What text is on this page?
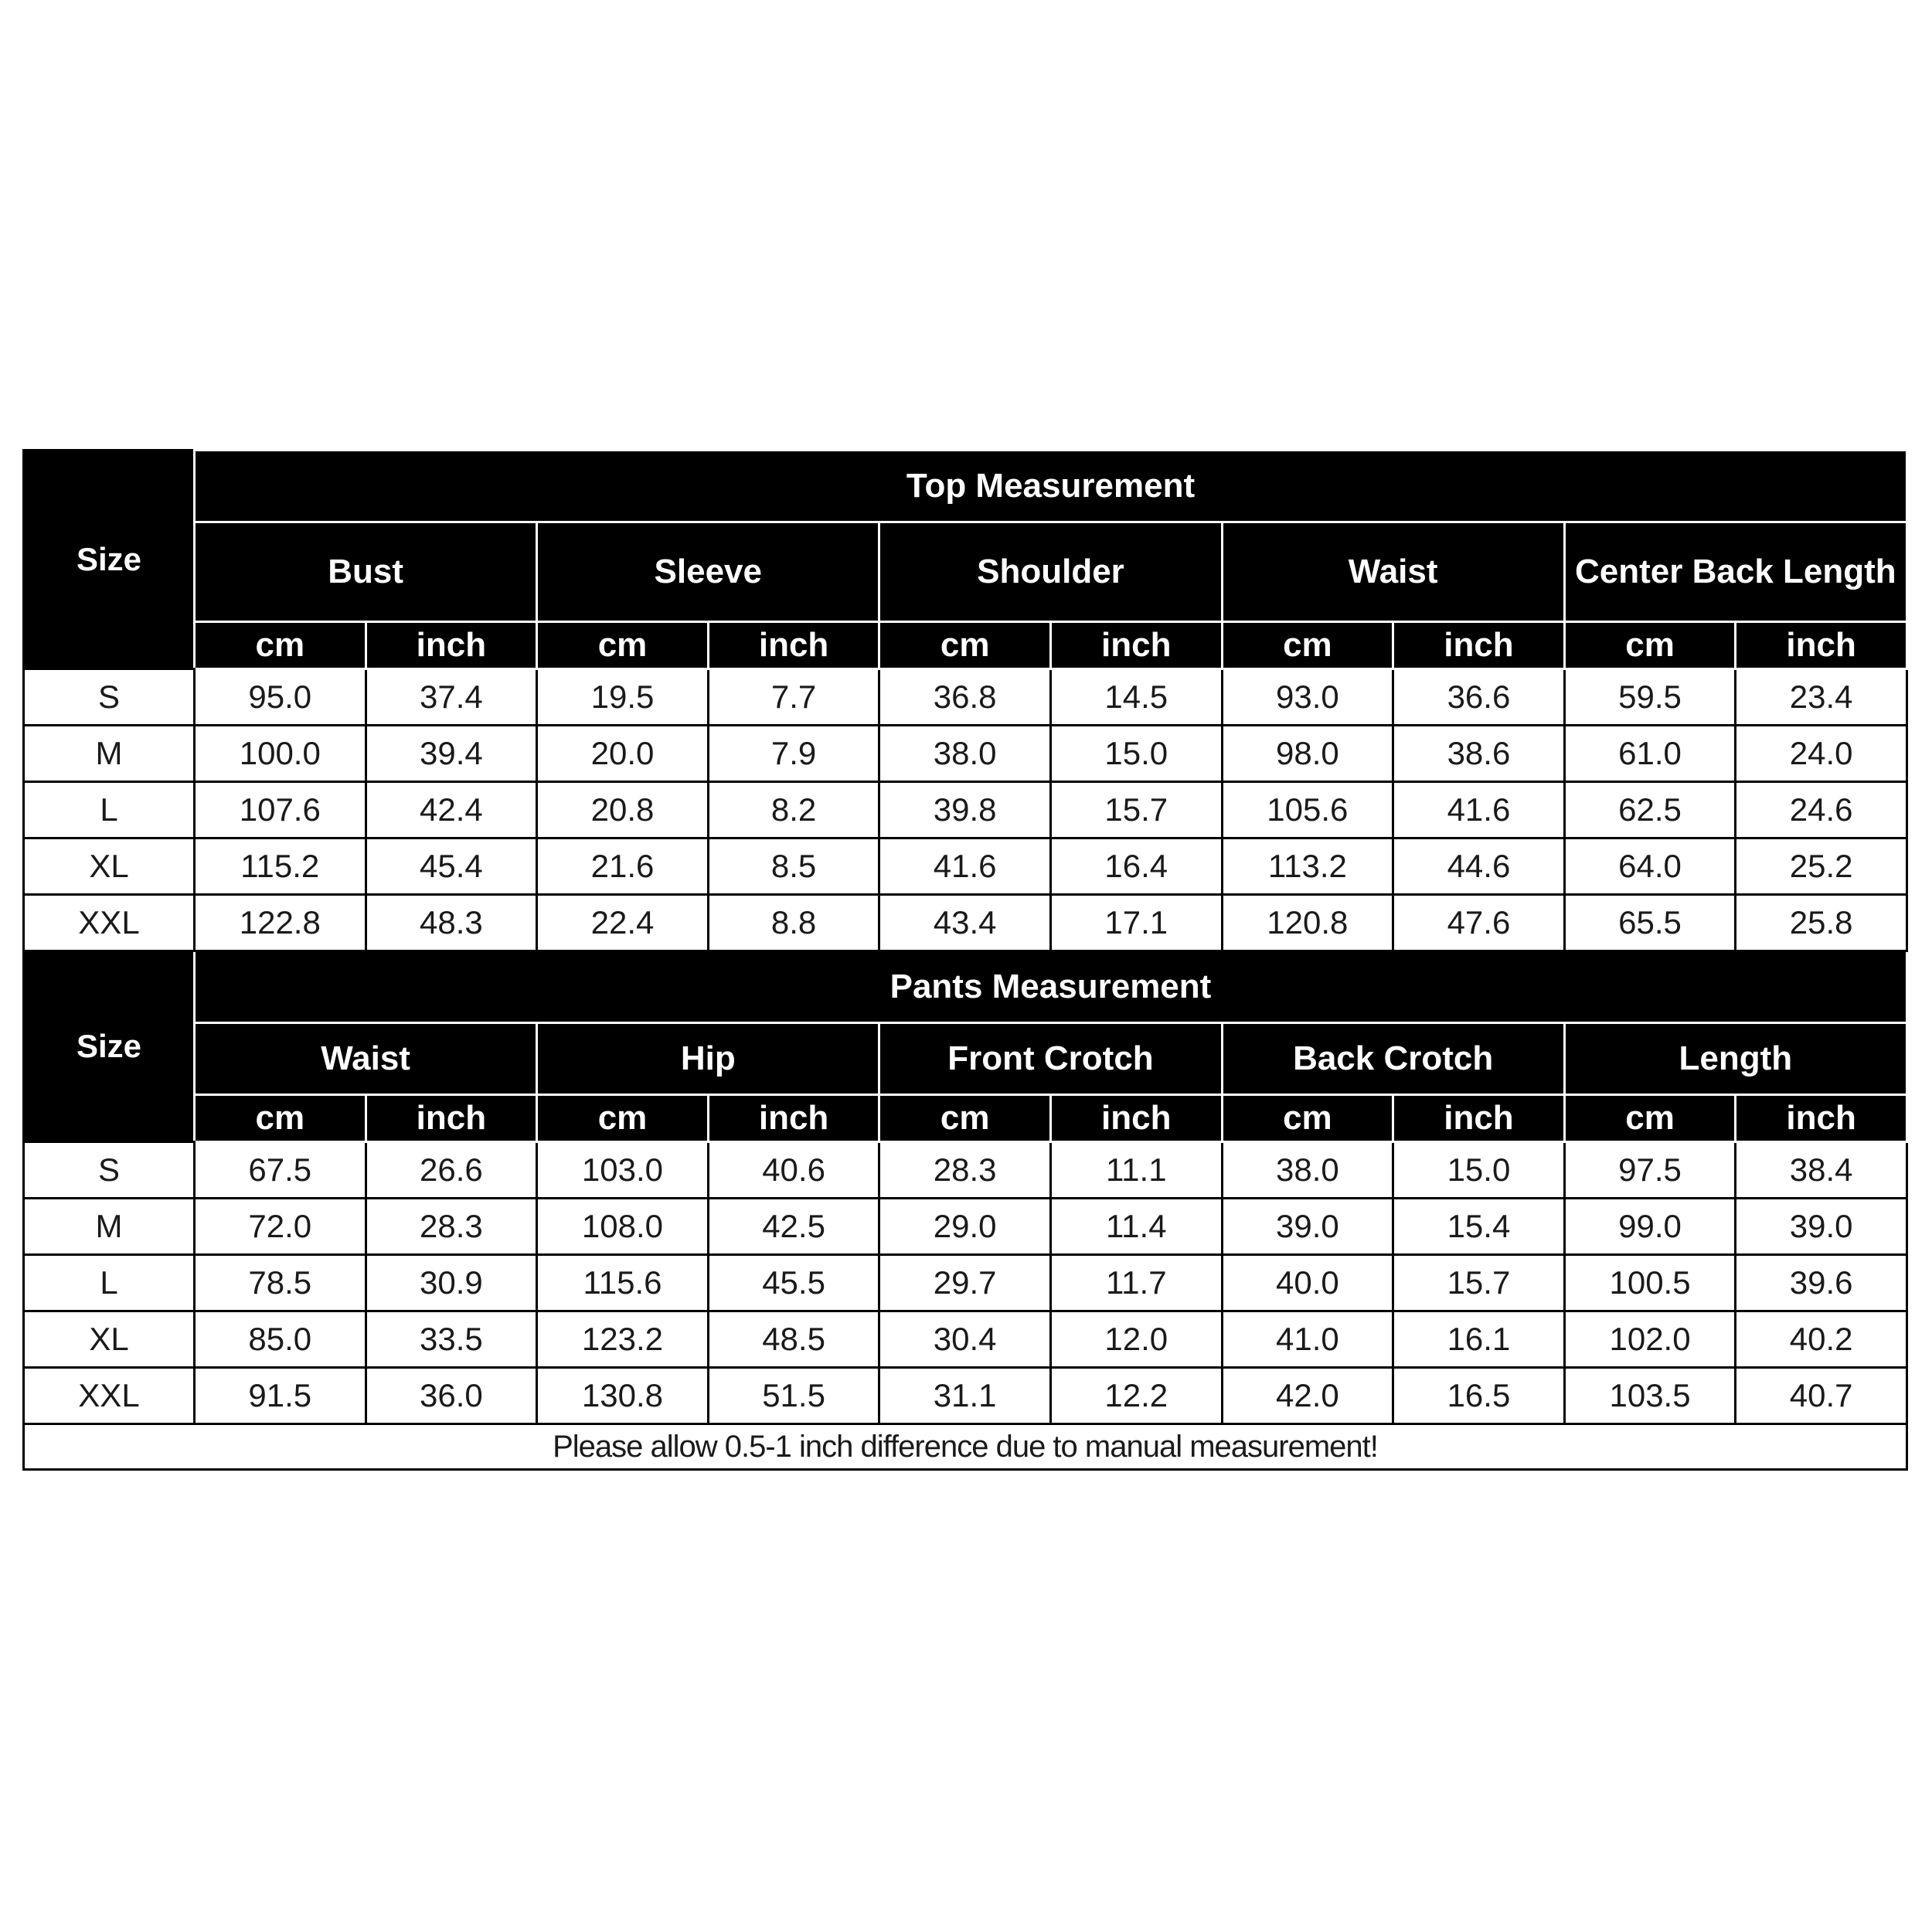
Size	Top Measurement									
	Bust		Sleeve		Shoulder		Waist		Center Back Length	
	cm	inch	cm	inch	cm	inch	cm	inch	cm	inch
S	95.0	37.4	19.5	7.7	36.8	14.5	93.0	36.6	59.5	23.4
M	100.0	39.4	20.0	7.9	38.0	15.0	98.0	38.6	61.0	24.0
L	107.6	42.4	20.8	8.2	39.8	15.7	105.6	41.6	62.5	24.6
XL	115.2	45.4	21.6	8.5	41.6	16.4	113.2	44.6	64.0	25.2
XXL	122.8	48.3	22.4	8.8	43.4	17.1	120.8	47.6	65.5	25.8
Size	Pants Measurement									
	Waist		Hip		Front Crotch		Back Crotch		Length	
	cm	inch	cm	inch	cm	inch	cm	inch	cm	inch
S	67.5	26.6	103.0	40.6	28.3	11.1	38.0	15.0	97.5	38.4
M	72.0	28.3	108.0	42.5	29.0	11.4	39.0	15.4	99.0	39.0
L	78.5	30.9	115.6	45.5	29.7	11.7	40.0	15.7	100.5	39.6
XL	85.0	33.5	123.2	48.5	30.4	12.0	41.0	16.1	102.0	40.2
XXL	91.5	36.0	130.8	51.5	31.1	12.2	42.0	16.5	103.5	40.7
Please allow 0.5-1 inch difference due to manual measurement!										
